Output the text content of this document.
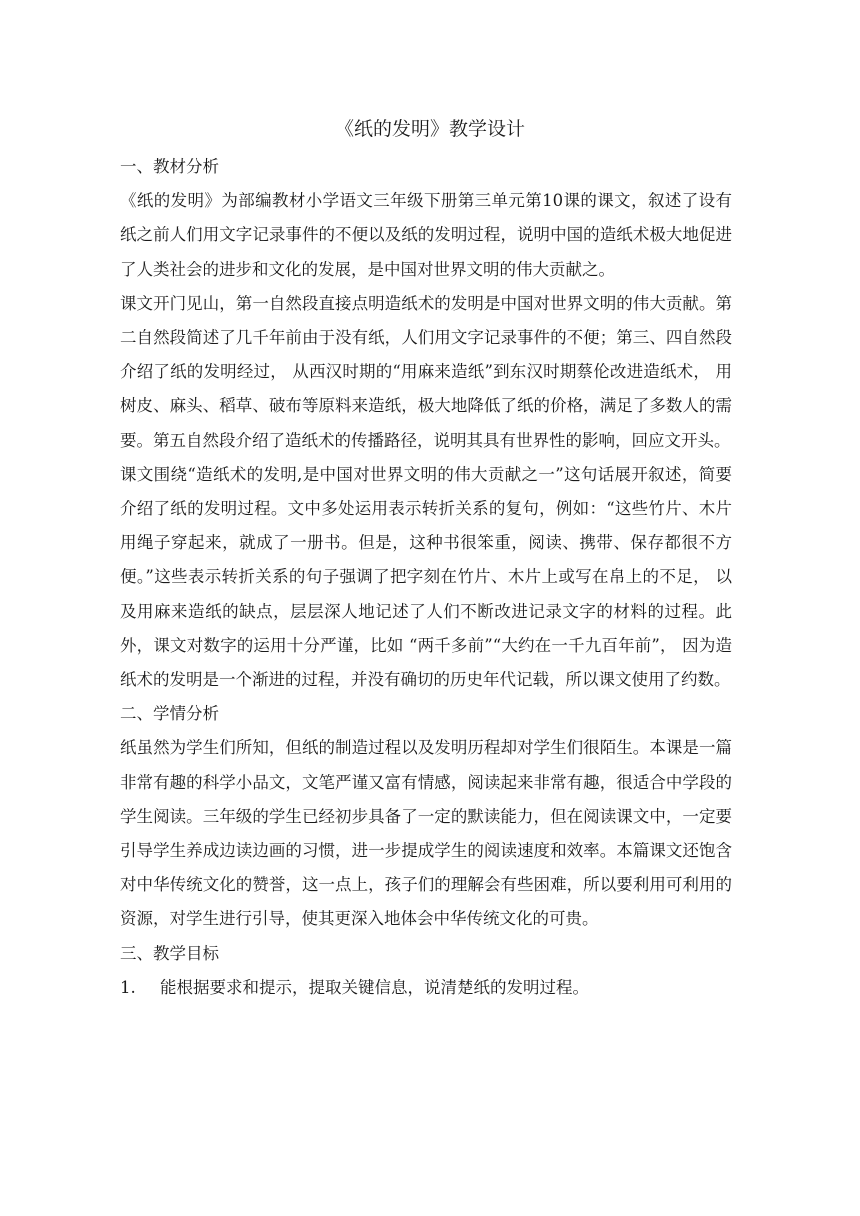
《纸的发明》教学设计

一、教材分析

《纸的发明》为部编教材小学语文三年级下册第三单元第10课的课文，叙述了设有纸之前人们用文字记录事件的不便以及纸的发明过程，说明中国的造纸术极大地促进了人类社会的进步和文化的发展，是中国对世界文明的伟大贡献之。

课文开门见山，第一自然段直接点明造纸术的发明是中国对世界文明的伟大贡献。第二自然段简述了几千年前由于没有纸，人们用文字记录事件的不便；第三、四自然段介绍了纸的发明经过， 从西汉时期的“用麻来造纸”到东汉时期蔡伦改进造纸术， 用树皮、麻头、稻草、破布等原料来造纸，极大地降低了纸的价格，满足了多数人的需要。第五自然段介绍了造纸术的传播路径，说明其具有世界性的影响，回应文开头。

课文围绕“造纸术的发明,是中国对世界文明的伟大贡献之一”这句话展开叙述，简要介绍了纸的发明过程。文中多处运用表示转折关系的复句，例如：“这些竹片、木片用绳子穿起来，就成了一册书。但是，这种书很笨重，阅读、携带、保存都很不方便。”这些表示转折关系的句子强调了把字刻在竹片、木片上或写在帛上的不足， 以及用麻来造纸的缺点，层层深人地记述了人们不断改进记录文字的材料的过程。此外，课文对数字的运用十分严谨，比如 “两千多前”“大约在一千九百年前”， 因为造纸术的发明是一个渐进的过程，并没有确切的历史年代记载，所以课文使用了约数。

二、学情分析

纸虽然为学生们所知，但纸的制造过程以及发明历程却对学生们很陌生。本课是一篇非常有趣的科学小品文，文笔严谨又富有情感，阅读起来非常有趣，很适合中学段的学生阅读。三年级的学生已经初步具备了一定的默读能力，但在阅读课文中，一定要引导学生养成边读边画的习惯，进一步提成学生的阅读速度和效率。本篇课文还饱含对中华传统文化的赞誉，这一点上，孩子们的理解会有些困难，所以要利用可利用的资源，对学生进行引导，使其更深入地体会中华传统文化的可贵。

三、教学目标

1.	能根据要求和提示，提取关键信息，说清楚纸的发明过程。
